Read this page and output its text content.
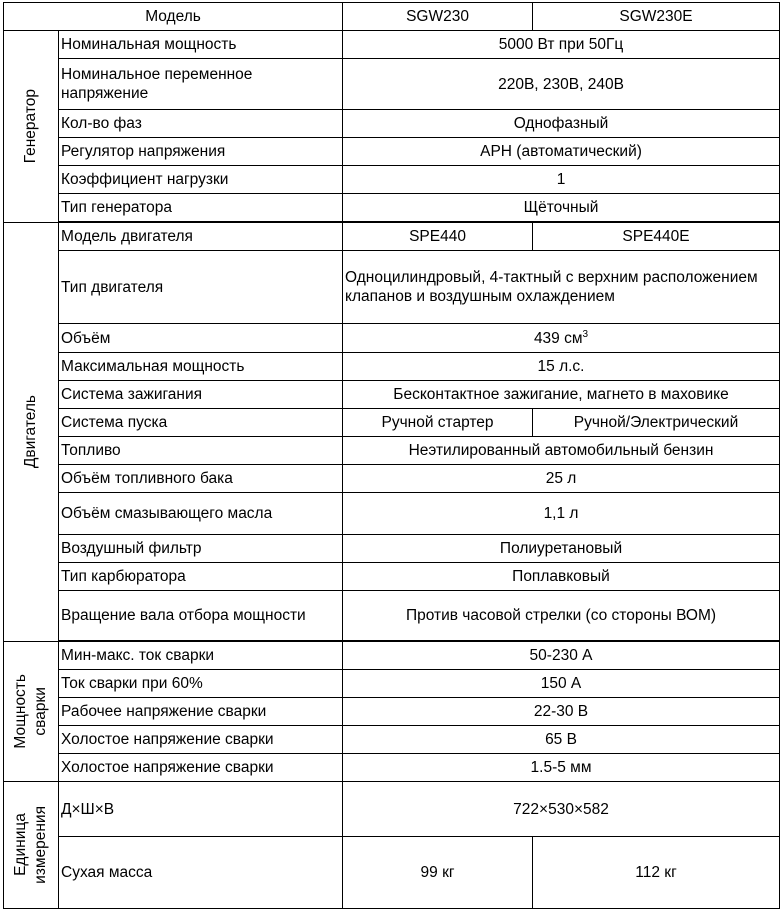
Модель		SGW230	SGW230E

Генератор	Номинальная мощность	5000 Вт при 50Гц	
	Номинальное переменное напряжение	220В, 230В, 240В	
	Кол-во фаз	Однофазный	
	Регулятор напряжения	АРН (автоматический)	
	Коэффициент нагрузки	1	
	Тип генератора	Щёточный	

Двигатель	Модель двигателя	SPE440	SPE440E
	Тип двигателя	Одноцилиндровый, 4-тактный с верхним расположением клапанов и воздушным охлаждением	
	Объём	439 $см^3$
	Максимальная мощность	15 л.с.	
	Система зажигания	Бесконтактное зажигание, магнето в маховике	
	Система пуска	Ручной стартер	Ручной/Электрический
	Топливо	Неэтилированный автомобильный бензин	
	Объём топливного бака	25 л	
	Объём смазывающего масла	1,1 л	
	Воздушный фильтр	Полиуретановый	
	Тип карбюратора	Поплавковый	
	Вращение вала отбора мощности	Против часовой стрелки (со стороны ВОМ)	

Мощность
сварки	Мин-макс. ток сварки	50-230 А	
	Ток сварки при 60%	150 А	
	Рабочее напряжение сварки	22-30 В	
	Холостое напряжение сварки	65 В	
	Холостое напряжение сварки	1.5-5 мм	

Единица
измерения	Д×Ш×В	722×530×582	
	Сухая масса	99 кг	112 кг
